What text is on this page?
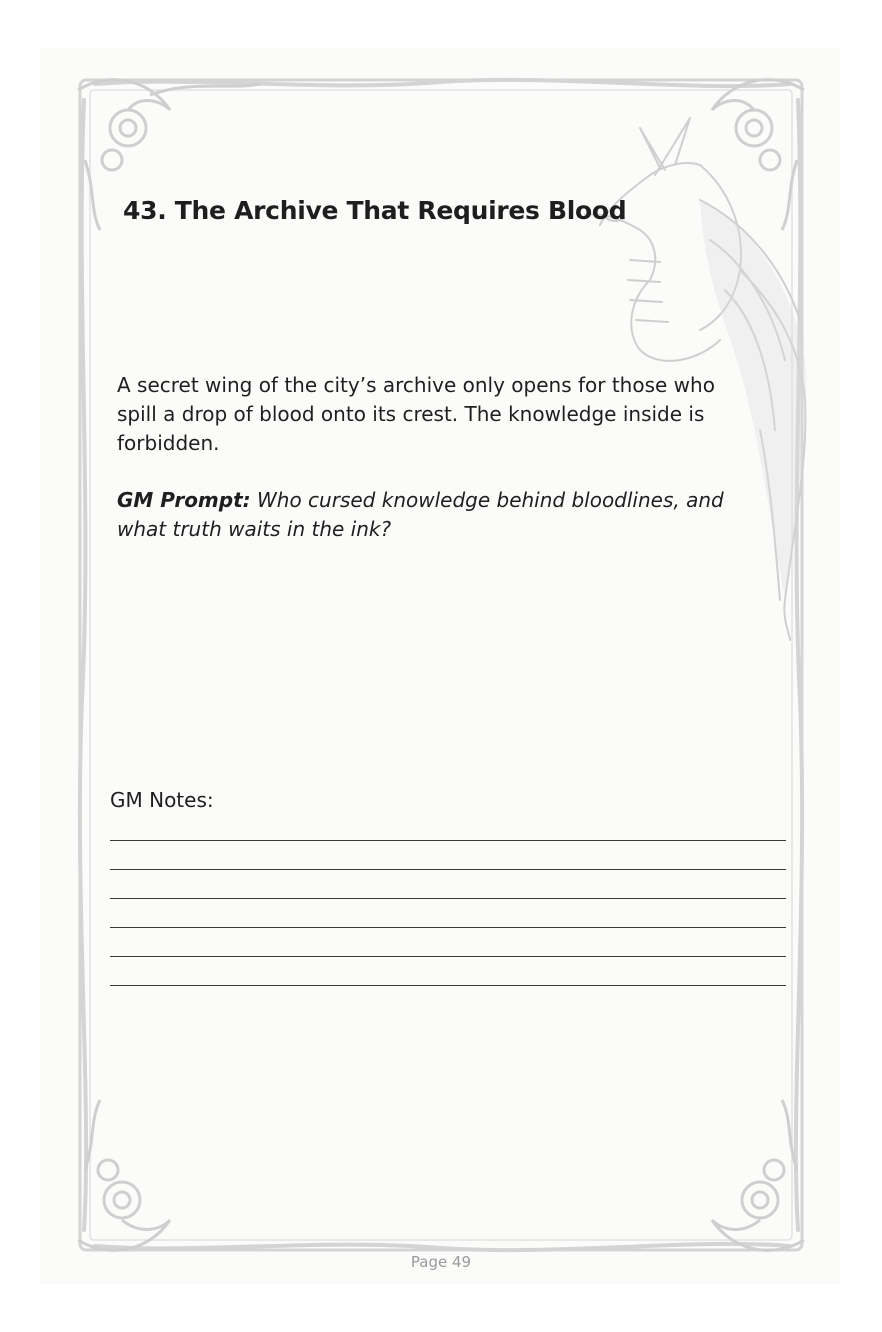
43. The Archive That Requires Blood

A secret wing of the city’s archive only opens for those who spill a drop of blood onto its crest. The knowledge inside is forbidden.

GM Prompt: Who cursed knowledge behind bloodlines, and what truth waits in the ink?

GM Notes:

Page 49
